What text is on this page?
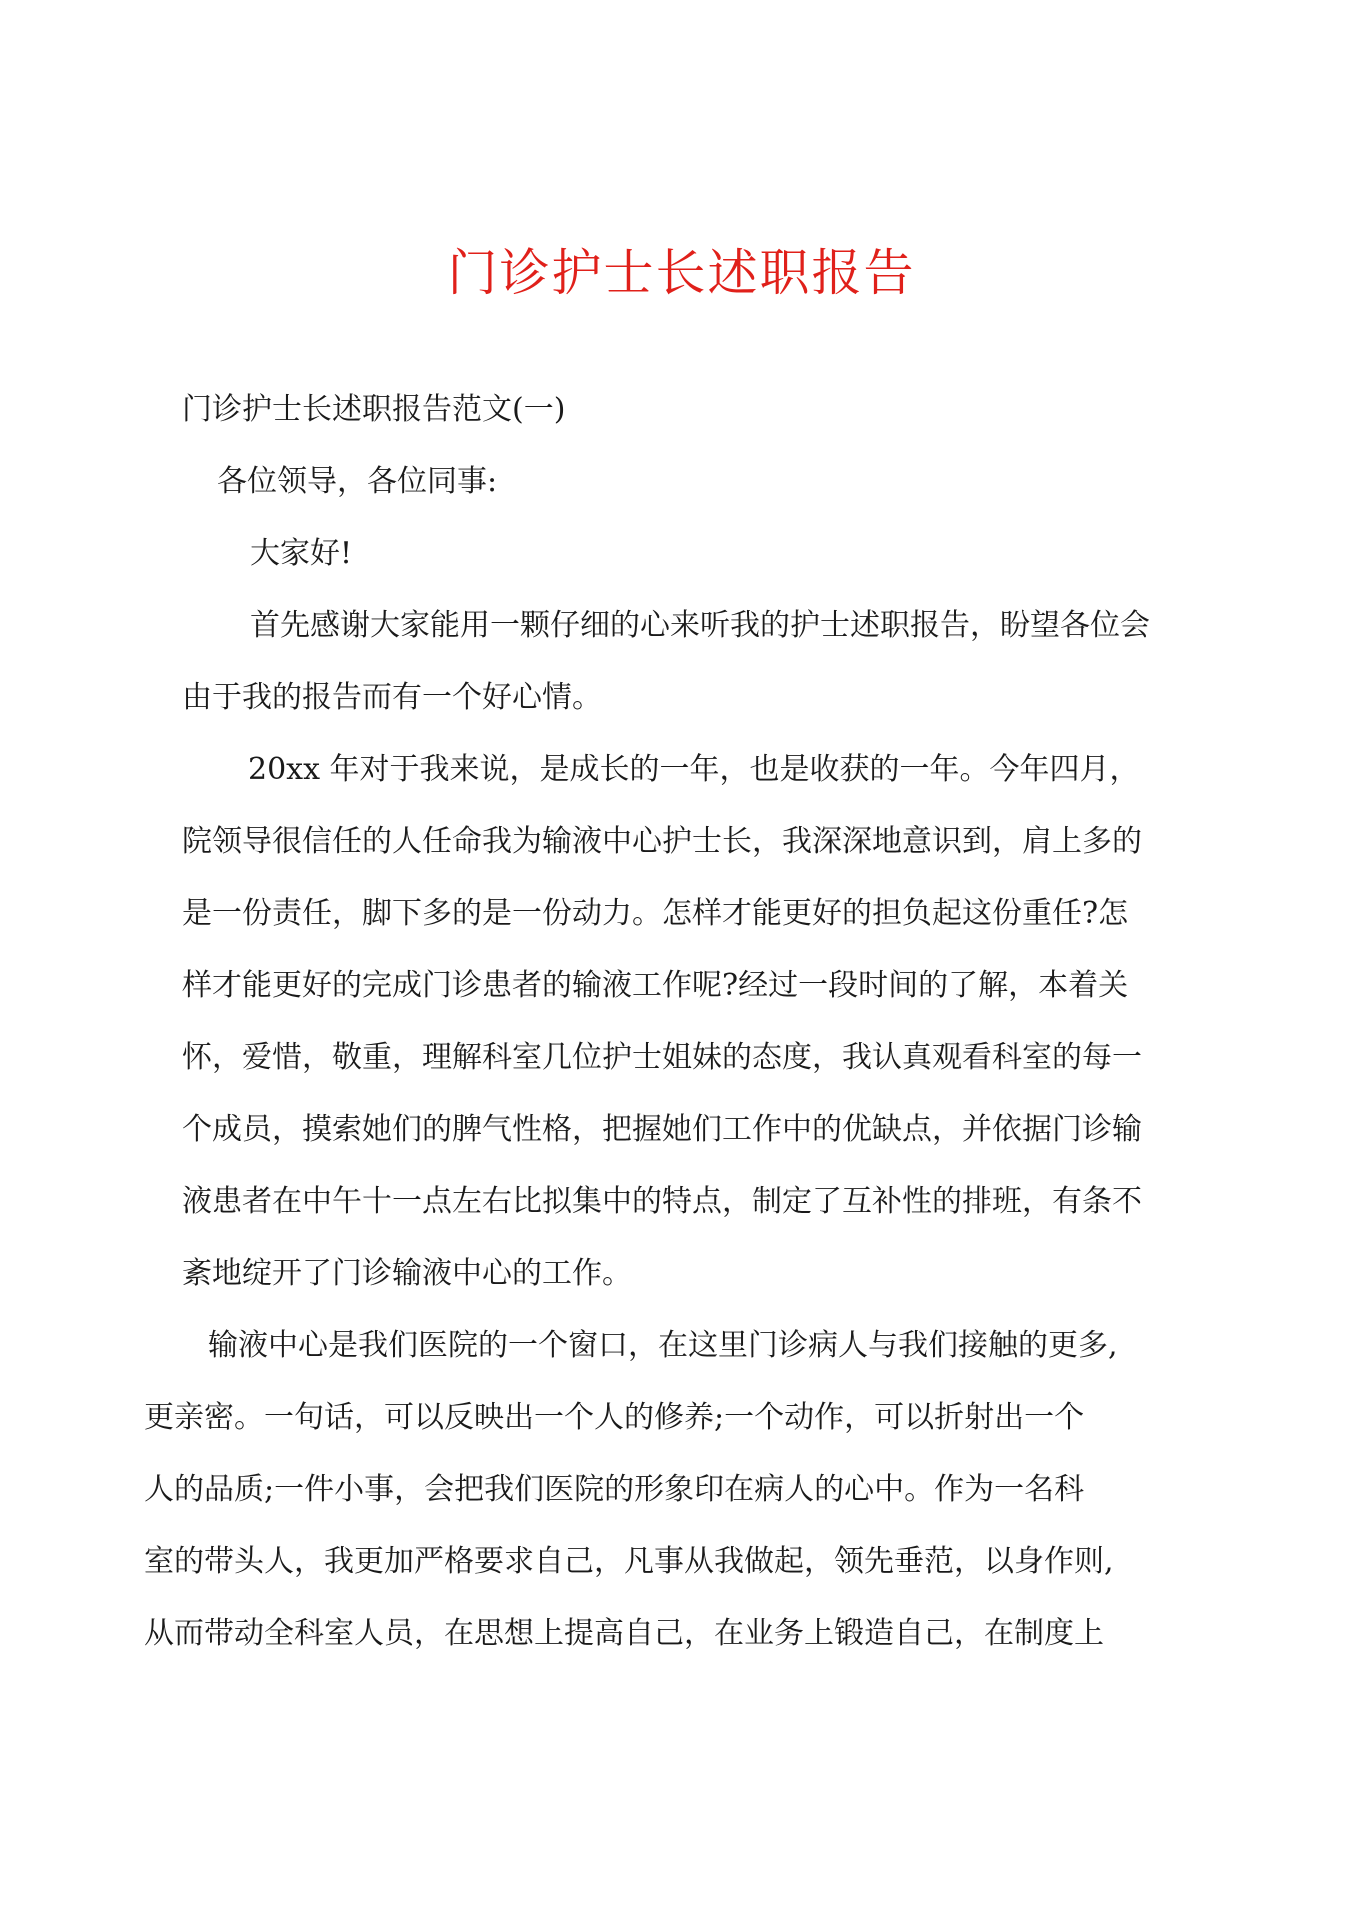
门诊护士长述职报告

门诊护士长述职报告范文(一)

各位领导，各位同事:

大家好!

首先感谢大家能用一颗仔细的心来听我的护士述职报告，盼望各位会

由于我的报告而有一个好心情。

20xx 年对于我来说，是成长的一年，也是收获的一年。今年四月，

院领导很信任的人任命我为输液中心护士长，我深深地意识到，肩上多的

是一份责任，脚下多的是一份动力。怎样才能更好的担负起这份重任?怎

样才能更好的完成门诊患者的输液工作呢?经过一段时间的了解，本着关

怀，爱惜，敬重，理解科室几位护士姐妹的态度，我认真观看科室的每一

个成员，摸索她们的脾气性格，把握她们工作中的优缺点，并依据门诊输

液患者在中午十一点左右比拟集中的特点，制定了互补性的排班，有条不

紊地绽开了门诊输液中心的工作。

输液中心是我们医院的一个窗口，在这里门诊病人与我们接触的更多,

更亲密。一句话，可以反映出一个人的修养;一个动作，可以折射出一个

人的品质;一件小事，会把我们医院的形象印在病人的心中。作为一名科

室的带头人，我更加严格要求自己，凡事从我做起，领先垂范，以身作则,

从而带动全科室人员，在思想上提高自己，在业务上锻造自己，在制度上
